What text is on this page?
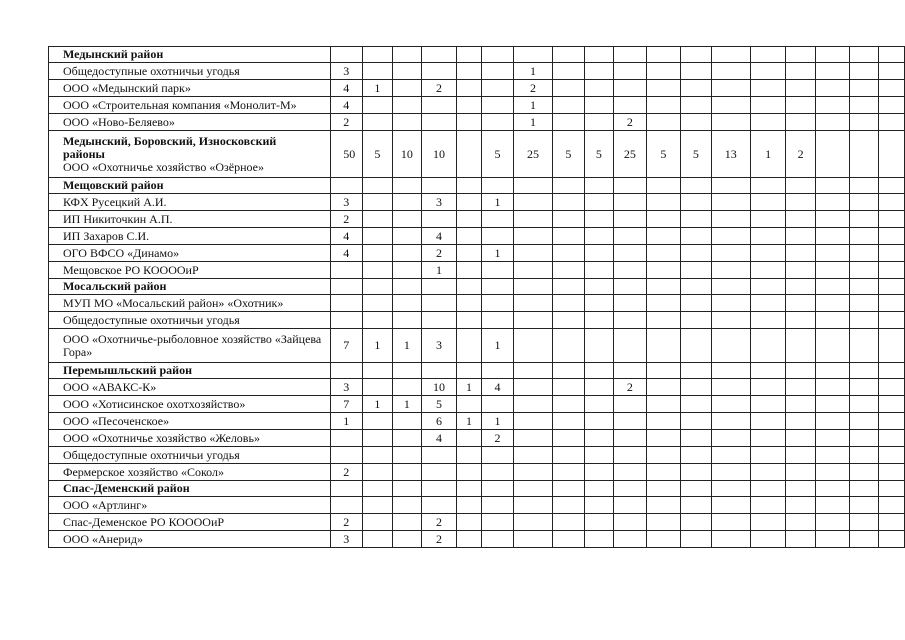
Медынский район																		
Общедоступные охотничьи угодья	3						1											
ООО «Медынский парк»	4	1		2			2											
ООО «Строительная компания «Монолит-М»	4						1											
ООО «Ново-Беляево»	2						1			2								

Медынский, Боровский, Износковский
районы
ООО «Охотничье хозяйство «Озёрное»	50	5	10	10		5	25	5	5	25	5	5	13	1	2			
Мещовский район																		
КФХ Русецкий А.И.	3			3		1												
ИП Никиточкин А.П.	2																	
ИП Захаров С.И.	4			4														
ОГО ВФСО «Динамо»	4			2		1												
Мещовское РО КООООиР				1														
Мосальский район																		
МУП МО «Мосальский район» «Охотник»																		
Общедоступные охотничьи угодья																		
ООО «Охотничье-рыболовное хозяйство «Зайцева Гора»	7	1	1	3		1												
Перемышльский район																		
ООО «АВАКС-К»	3			10	1	4				2								
ООО «Хотисинское охотхозяйство»	7	1	1	5														
ООО «Песоченское»	1			6	1	1												
ООО «Охотничье хозяйство «Желовь»				4		2												
Общедоступные охотничьи угодья																		
Фермерское хозяйство «Сокол»	2																	
Спас-Деменский район																		
ООО «Артлинг»																		
Спас-Деменское РО КООООиР	2			2														
ООО «Анерид»	3			2														
